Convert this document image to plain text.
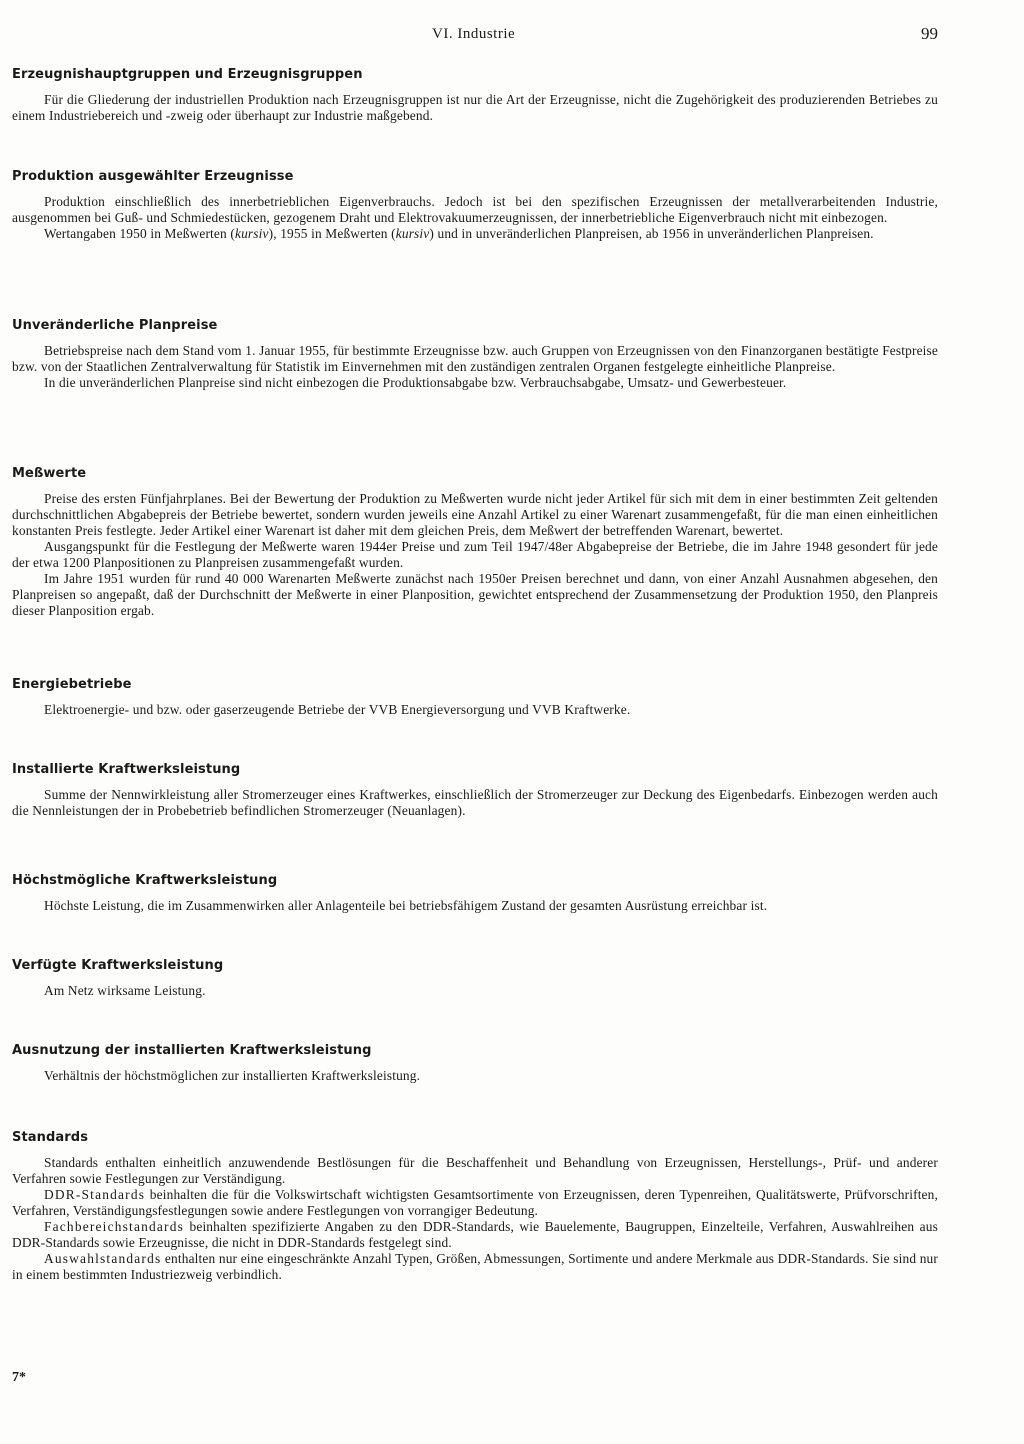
VI. Industrie	99
Erzeugnishauptgruppen und Erzeugnisgruppen

Für die Gliederung der industriellen Produktion nach Erzeugnisgruppen ist nur die Art der Erzeugnisse, nicht die Zugehörigkeit des produzierenden Betriebes zu einem Industriebereich und -zweig oder überhaupt zur Industrie maßgebend.

Produktion ausgewählter Erzeugnisse

Produktion einschließlich des innerbetrieblichen Eigenverbrauchs. Jedoch ist bei den spezifischen Erzeugnissen der metallverarbeitenden Industrie, ausgenommen bei Guß- und Schmiedestücken, gezogenem Draht und Elektrovakuumerzeugnissen, der innerbetriebliche Eigenverbrauch nicht mit einbezogen.

Wertangaben 1950 in Meßwerten (kursiv), 1955 in Meßwerten (kursiv) und in unveränderlichen Planpreisen, ab 1956 in unveränderlichen Planpreisen.

Unveränderliche Planpreise

Betriebspreise nach dem Stand vom 1. Januar 1955, für bestimmte Erzeugnisse bzw. auch Gruppen von Erzeugnissen von den Finanzorganen bestätigte Festpreise bzw. von der Staatlichen Zentralverwaltung für Statistik im Einvernehmen mit den zuständigen zentralen Organen festgelegte einheitliche Planpreise.

In die unveränderlichen Planpreise sind nicht einbezogen die Produktionsabgabe bzw. Verbrauchsabgabe, Umsatz- und Gewerbesteuer.

Meßwerte

Preise des ersten Fünfjahrplanes. Bei der Bewertung der Produktion zu Meßwerten wurde nicht jeder Artikel für sich mit dem in einer bestimmten Zeit geltenden durchschnittlichen Abgabepreis der Betriebe bewertet, sondern wurden jeweils eine Anzahl Artikel zu einer Warenart zusammengefaßt, für die man einen einheitlichen konstanten Preis festlegte. Jeder Artikel einer Warenart ist daher mit dem gleichen Preis, dem Meßwert der betreffenden Warenart, bewertet.

Ausgangspunkt für die Festlegung der Meßwerte waren 1944er Preise und zum Teil 1947/48er Abgabepreise der Betriebe, die im Jahre 1948 gesondert für jede der etwa 1200 Planpositionen zu Planpreisen zusammengefaßt wurden.

Im Jahre 1951 wurden für rund 40 000 Warenarten Meßwerte zunächst nach 1950er Preisen berechnet und dann, von einer Anzahl Ausnahmen abgesehen, den Planpreisen so angepaßt, daß der Durchschnitt der Meßwerte in einer Planposition, gewichtet entsprechend der Zusammensetzung der Produktion 1950, den Planpreis dieser Planposition ergab.

Energiebetriebe

Elektroenergie- und bzw. oder gaserzeugende Betriebe der VVB Energieversorgung und VVB Kraftwerke.

Installierte Kraftwerksleistung

Summe der Nennwirkleistung aller Stromerzeuger eines Kraftwerkes, einschließlich der Stromerzeuger zur Deckung des Eigenbedarfs. Einbezogen werden auch die Nennleistungen der in Probebetrieb befindlichen Stromerzeuger (Neuanlagen).

Höchstmögliche Kraftwerksleistung

Höchste Leistung, die im Zusammenwirken aller Anlagenteile bei betriebsfähigem Zustand der gesamten Ausrüstung erreichbar ist.

Verfügte Kraftwerksleistung

Am Netz wirksame Leistung.

Ausnutzung der installierten Kraftwerksleistung

Verhältnis der höchstmöglichen zur installierten Kraftwerksleistung.

Standards

Standards enthalten einheitlich anzuwendende Bestlösungen für die Beschaffenheit und Behandlung von Erzeugnissen, Herstellungs-, Prüf- und anderer Verfahren sowie Festlegungen zur Verständigung.

DDR-Standards beinhalten die für die Volkswirtschaft wichtigsten Gesamtsortimente von Erzeugnissen, deren Typenreihen, Qualitätswerte, Prüfvorschriften, Verfahren, Verständigungsfestlegungen sowie andere Festlegungen von vorrangiger Bedeutung.

Fachbereichstandards beinhalten spezifizierte Angaben zu den DDR-Standards, wie Bauelemente, Baugruppen, Einzelteile, Verfahren, Auswahlreihen aus DDR-Standards sowie Erzeugnisse, die nicht in DDR-Standards festgelegt sind.

Auswahlstandards enthalten nur eine eingeschränkte Anzahl Typen, Größen, Abmessungen, Sortimente und andere Merkmale aus DDR-Standards. Sie sind nur in einem bestimmten Industriezweig verbindlich.

7*
